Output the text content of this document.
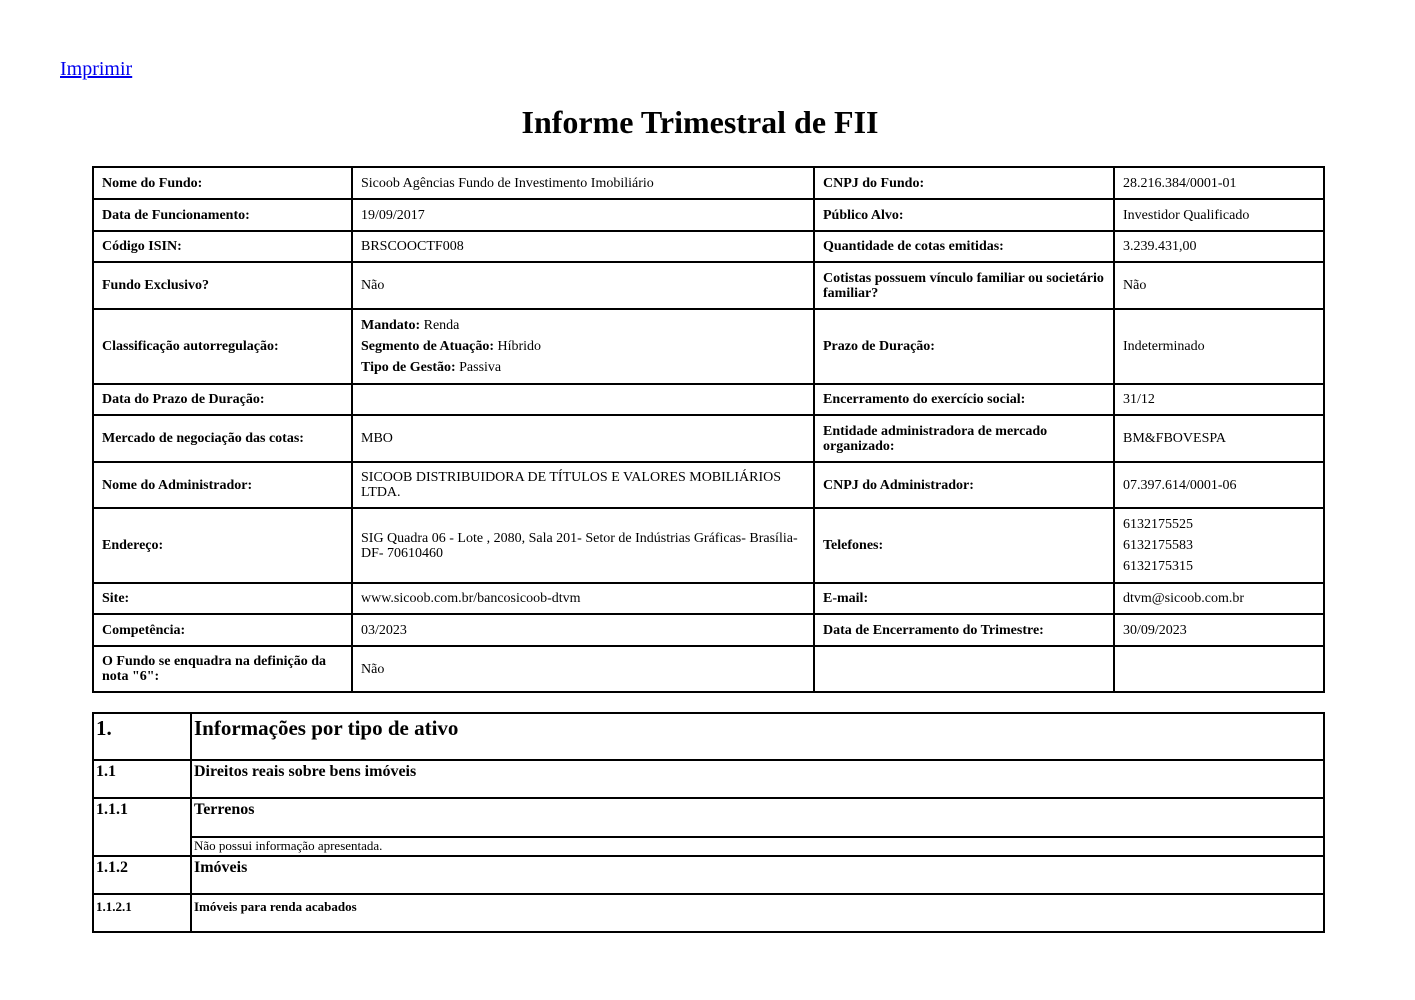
Imprimir
Informe Trimestral de FII
Nome do Fundo:	Sicoob Agências Fundo de Investimento Imobiliário	CNPJ do Fundo:	28.216.384/0001-01
Data de Funcionamento:	19/09/2017	Público Alvo:	Investidor Qualificado
Código ISIN:	BRSCOOCTF008	Quantidade de cotas emitidas:	3.239.431,00
Fundo Exclusivo?	Não	Cotistas possuem vínculo familiar ou societário familiar?	Não
Classificação autorregulação:	Mandato: Renda
Segmento de Atuação: Híbrido
Tipo de Gestão: Passiva	Prazo de Duração:	Indeterminado
Data do Prazo de Duração:		Encerramento do exercício social:	31/12
Mercado de negociação das cotas:	MBO	Entidade administradora de mercado organizado:	BM&FBOVESPA
Nome do Administrador:	SICOOB DISTRIBUIDORA DE TÍTULOS E VALORES MOBILIÁRIOS LTDA.	CNPJ do Administrador:	07.397.614/0001-06
Endereço:	SIG Quadra 06 - Lote , 2080, Sala 201- Setor de Indústrias Gráficas- Brasília- DF- 70610460	Telefones:	6132175525
6132175583
6132175315

Site:	www.sicoob.com.br/bancosicoob-dtvm	E-mail:	dtvm@sicoob.com.br
Competência:	03/2023	Data de Encerramento do Trimestre:	30/09/2023
O Fundo se enquadra na definição da nota "6":	Não		
1.	Informações por tipo de ativo
1.1	Direitos reais sobre bens imóveis
1.1.1	Terrenos
	Não possui informação apresentada.
1.1.2	Imóveis
1.1.2.1	Imóveis para renda acabados
